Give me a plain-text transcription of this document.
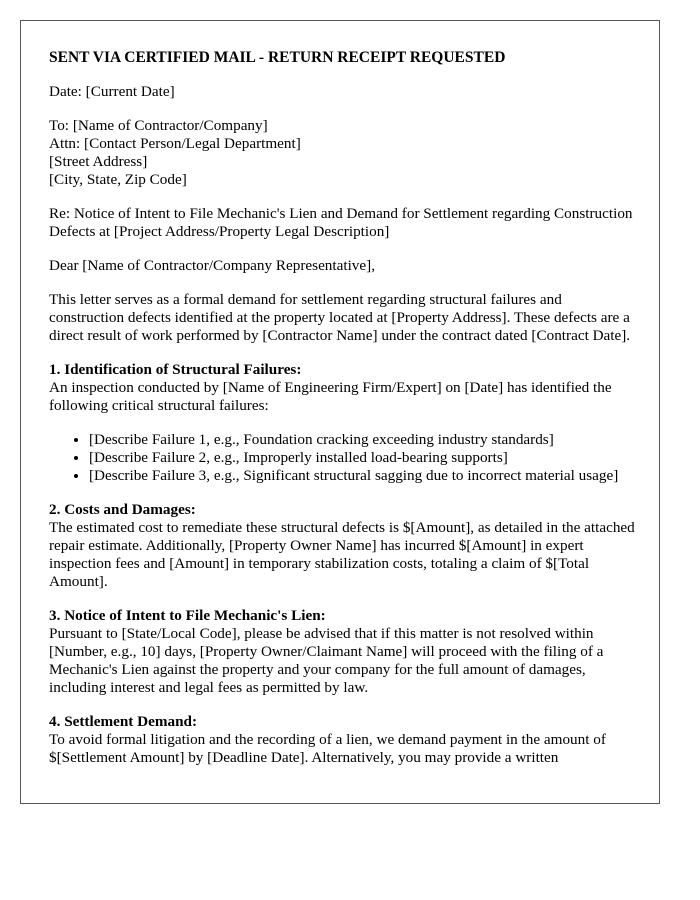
SENT VIA CERTIFIED MAIL - RETURN RECEIPT REQUESTED

Date: [Current Date]

To: [Name of Contractor/Company]
Attn: [Contact Person/Legal Department]
[Street Address]
[City, State, Zip Code]

Re: Notice of Intent to File Mechanic's Lien and Demand for Settlement regarding Construction Defects at [Project Address/Property Legal Description]

Dear [Name of Contractor/Company Representative],

This letter serves as a formal demand for settlement regarding structural failures and construction defects identified at the property located at [Property Address]. These defects are a direct result of work performed by [Contractor Name] under the contract dated [Contract Date].

1. Identification of Structural Failures:
An inspection conducted by [Name of Engineering Firm/Expert] on [Date] has identified the following critical structural failures:

• [Describe Failure 1, e.g., Foundation cracking exceeding industry standards]
• [Describe Failure 2, e.g., Improperly installed load-bearing supports]
• [Describe Failure 3, e.g., Significant structural sagging due to incorrect material usage]

2. Costs and Damages:
The estimated cost to remediate these structural defects is $[Amount], as detailed in the attached repair estimate. Additionally, [Property Owner Name] has incurred $[Amount] in expert inspection fees and [Amount] in temporary stabilization costs, totaling a claim of $[Total Amount].

3. Notice of Intent to File Mechanic's Lien:
Pursuant to [State/Local Code], please be advised that if this matter is not resolved within [Number, e.g., 10] days, [Property Owner/Claimant Name] will proceed with the filing of a Mechanic's Lien against the property and your company for the full amount of damages, including interest and legal fees as permitted by law.

4. Settlement Demand:
To avoid formal litigation and the recording of a lien, we demand payment in the amount of $[Settlement Amount] by [Deadline Date]. Alternatively, you may provide a written
